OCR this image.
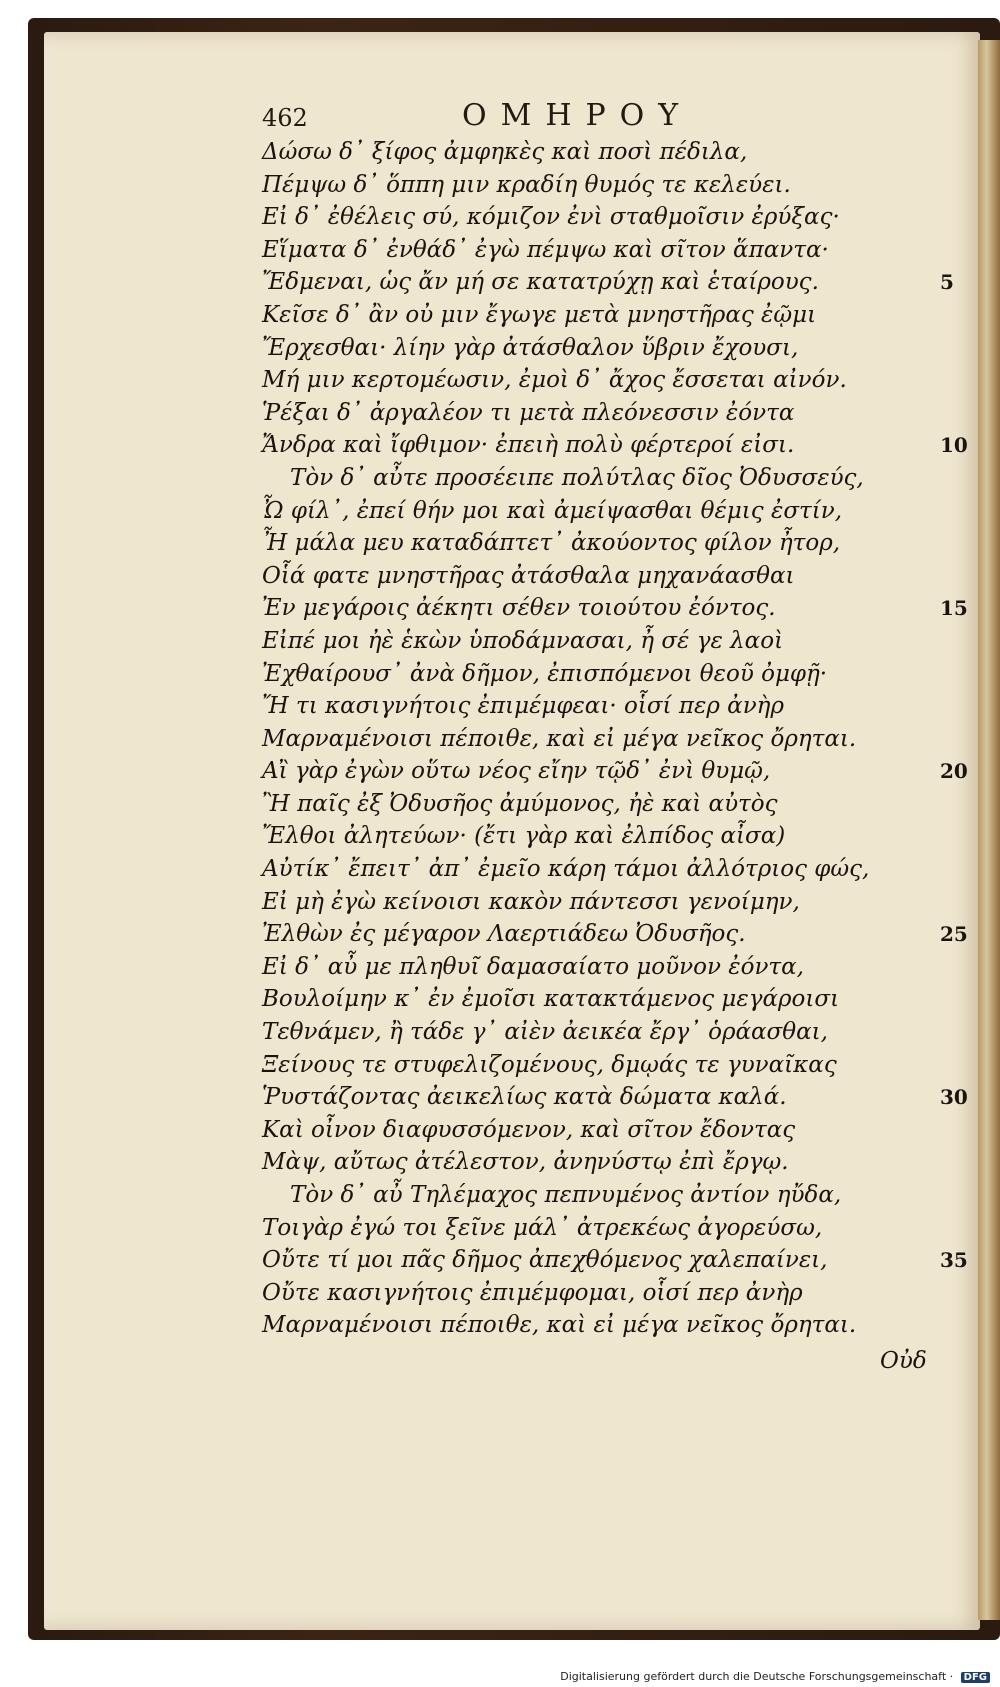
462	ΟΜΗΡΟΥ
Δώσω δ᾽ ξίφος ἀμφηκὲς καὶ ποσὶ πέδιλα,
Πέμψω δ᾽ ὅππη μιν κραδίη θυμός τε κελεύει.
Εἰ δ᾽ ἐθέλεις σύ, κόμιζον ἐνὶ σταθμοῖσιν ἐρύξας·
Εἵματα δ᾽ ἐνθάδ᾽ ἐγὼ πέμψω καὶ σῖτον ἅπαντα·
Ἔδμεναι, ὡς ἄν μή σε κατατρύχῃ καὶ ἑταίρους.	5
Κεῖσε δ᾽ ἂν οὐ μιν ἔγωγε μετὰ μνηστῆρας ἐῷμι
Ἔρχεσθαι· λίην γὰρ ἀτάσθαλον ὕβριν ἔχουσι,
Μή μιν κερτομέωσιν, ἐμοὶ δ᾽ ἄχος ἔσσεται αἰνόν.
Ῥέξαι δ᾽ ἀργαλέον τι μετὰ πλεόνεσσιν ἐόντα
Ἄνδρα καὶ ἴφθιμον· ἐπειὴ πολὺ φέρτεροί εἰσι.	10
Τὸν δ᾽ αὖτε προσέειπε πολύτλας δῖος Ὀδυσσεύς,
Ὦ φίλ᾽, ἐπεί θήν μοι καὶ ἀμείψασθαι θέμις ἐστίν,
Ἦ μάλα μευ καταδάπτετ᾽ ἀκούοντος φίλον ἦτορ,
Οἷά φατε μνηστῆρας ἀτάσθαλα μηχανάασθαι
Ἐν μεγάροις ἀέκητι σέθεν τοιούτου ἐόντος.	15
Εἰπέ μοι ἠὲ ἑκὼν ὑποδάμνασαι, ἦ σέ γε λαοὶ
Ἐχθαίρουσ᾽ ἀνὰ δῆμον, ἐπισπόμενοι θεοῦ ὀμφῇ·
Ἤ τι κασιγνήτοις ἐπιμέμφεαι· οἷσί περ ἀνὴρ
Μαρναμένοισι πέποιθε, καὶ εἰ μέγα νεῖκος ὄρηται.
Αἲ γὰρ ἐγὼν οὕτω νέος εἴην τῷδ᾽ ἐνὶ θυμῷ,	20
Ἢ παῖς ἐξ Ὀδυσῆος ἀμύμονος, ἠὲ καὶ αὐτὸς
Ἔλθοι ἀλητεύων· (ἔτι γὰρ καὶ ἐλπίδος αἶσα)
Αὐτίκ᾽ ἔπειτ᾽ ἀπ᾽ ἐμεῖο κάρη τάμοι ἀλλότριος φώς,
Εἰ μὴ ἐγὼ κείνοισι κακὸν πάντεσσι γενοίμην,
Ἐλθὼν ἐς μέγαρον Λαερτιάδεω Ὀδυσῆος.	25
Εἰ δ᾽ αὖ με πληθυῖ δαμασαίατο μοῦνον ἐόντα,
Βουλοίμην κ᾽ ἐν ἐμοῖσι κατακτάμενος μεγάροισι
Τεθνάμεν, ἢ τάδε γ᾽ αἰὲν ἀεικέα ἔργ᾽ ὁράασθαι,
Ξείνους τε στυφελιζομένους, δμῳάς τε γυναῖκας
Ῥυστάζοντας ἀεικελίως κατὰ δώματα καλά.	30
Καὶ οἶνον διαφυσσόμενον, καὶ σῖτον ἔδοντας
Μὰψ, αὔτως ἀτέλεστον, ἀνηνύστῳ ἐπὶ ἔργῳ.
Τὸν δ᾽ αὖ Τηλέμαχος πεπνυμένος ἀντίον ηὔδα,
Τοιγὰρ ἐγώ τοι ξεῖνε μάλ᾽ ἀτρεκέως ἀγορεύσω,
Οὔτε τί μοι πᾶς δῆμος ἀπεχθόμενος χαλεπαίνει,	35
Οὔτε κασιγνήτοις ἐπιμέμφομαι, οἷσί περ ἀνὴρ
Μαρναμένοισι πέποιθε, καὶ εἰ μέγα νεῖκος ὄρηται.
Οὐδ
Digitalisierung gefördert durch die Deutsche Forschungsgemeinschaft · DFG
